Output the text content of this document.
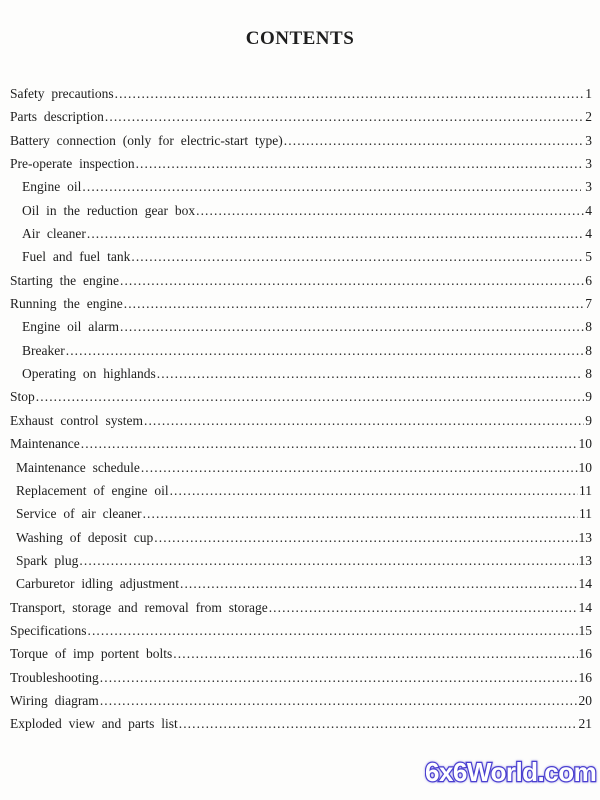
CONTENTS
Safety precautions .....	1
Parts description .....	2
Battery connection (only for electric-start type) .....	3
Pre-operate inspection .....	3
Engine oil .....	3
Oil in the reduction gear box .....	4
Air cleaner .....	4
Fuel and fuel tank .....	5
Starting the engine .....	6
Running the engine .....	7
Engine oil alarm .....	8
Breaker .....	8
Operating on highlands .....	8
Stop .....	9
Exhaust control system .....	9
Maintenance .....	10
Maintenance schedule .....	10
Replacement of engine oil .....	11
Service of air cleaner .....	11
Washing of deposit cup .....	13
Spark plug .....	13
Carburetor idling adjustment .....	14
Transport, storage and removal from storage .....	14
Specifications .....	15
Torque of imp portent bolts .....	16
Troubleshooting .....	16
Wiring diagram .....	20
Exploded view and parts list .....	21
6x6World.com
